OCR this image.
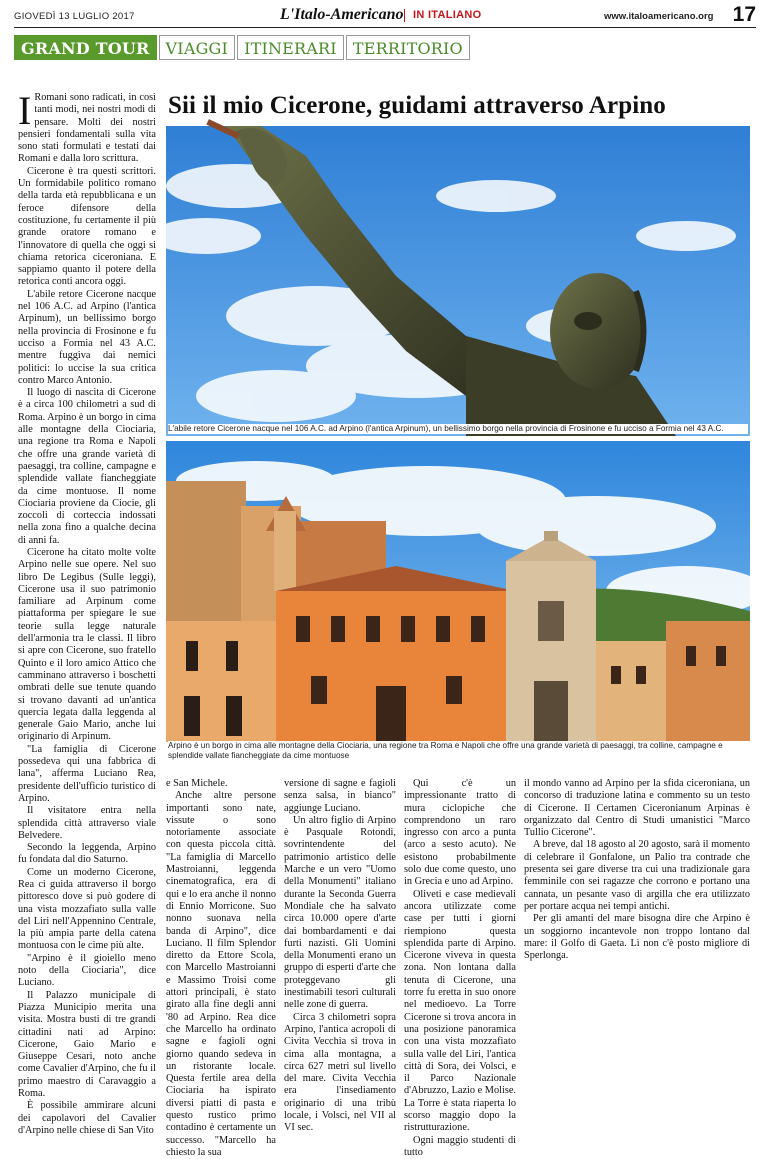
GIOVEDÌ 13 LUGLIO 2017	L'Italo-Americano IN ITALIANO	www.italoamericano.org 17
GRAND TOUR	VIAGGI	ITINERARI	TERRITORIO
Sii il mio Cicerone, guidami attraverso Arpino
L'abile retore Cicerone nacque nel 106 A.C. ad Arpino (l'antica Arpinum), un bellissimo borgo nella provincia di Frosinone e fu ucciso a Formia nel 43 A.C.
Arpino è un borgo in cima alle montagne della Ciociaria, una regione tra Roma e Napoli che offre una grande varietà di paesaggi, tra colline, campagne e splendide vallate fiancheggiate da cime montuose

I Romani sono radicati, in così tanti modi, nei nostri modi di pensare. Molti dei nostri pensieri fondamentali sulla vita sono stati formulati e testati dai Romani e dalla loro scrittura.

Cicerone è tra questi scrittori. Un formidabile politico romano della tarda età repubblicana e un feroce difensore della costituzione, fu certamente il più grande oratore romano e l'innovatore di quella che oggi si chiama retorica ciceroniana. E sappiamo quanto il potere della retorica conti ancora oggi.

L'abile retore Cicerone nacque nel 106 A.C. ad Arpino (l'antica Arpinum), un bellissimo borgo nella provincia di Frosinone e fu ucciso a Formia nel 43 A.C. mentre fuggiva dai nemici politici: lo uccise la sua critica contro Marco Antonio.

Il luogo di nascita di Cicerone è a circa 100 chilometri a sud di Roma. Arpino è un borgo in cima alle montagne della Ciociaria, una regione tra Roma e Napoli che offre una grande varietà di paesaggi, tra colline, campagne e splendide vallate fiancheggiate da cime montuose. Il nome Ciociaria proviene da Ciocie, gli zoccoli di corteccia indossati nella zona fino a qualche decina di anni fa.

Cicerone ha citato molte volte Arpino nelle sue opere. Nel suo libro De Legibus (Sulle leggi), Cicerone usa il suo patrimonio familiare ad Arpinum come piattaforma per spiegare le sue teorie sulla legge naturale dell'armonia tra le classi. Il libro si apre con Cicerone, suo fratello Quinto e il loro amico Attico che camminano attraverso i boschetti ombrati delle sue tenute quando si trovano davanti ad un'antica quercia legata dalla leggenda al generale Gaio Mario, anche lui originario di Arpinum.

"La famiglia di Cicerone possedeva qui una fabbrica di lana", afferma Luciano Rea, presidente dell'ufficio turistico di Arpino.

Il visitatore entra nella splendida città attraverso viale Belvedere.

Secondo la leggenda, Arpino fu fondata dal dio Saturno.

Come un moderno Cicerone, Rea ci guida attraverso il borgo pittoresco dove si può godere di una vista mozzafiato sulla valle del Liri nell'Appennino Centrale, la più ampia parte della catena montuosa con le cime più alte.

"Arpino è il gioiello meno noto della Ciociaria", dice Luciano.

Il Palazzo municipale di Piazza Municipio merita una visita. Mostra busti di tre grandi cittadini nati ad Arpino: Cicerone, Gaio Mario e Giuseppe Cesari, noto anche come Cavalier d'Arpino, che fu il primo maestro di Caravaggio a Roma.

È possibile ammirare alcuni dei capolavori del Cavalier d'Arpino nelle chiese di San Vito

e San Michele.

Anche altre persone importanti sono nate, vissute o sono notoriamente associate con questa piccola città. "La famiglia di Marcello Mastroianni, leggenda cinematografica, era di qui e lo era anche il nonno di Ennio Morricone. Suo nonno suonava nella banda di Arpino", dice Luciano. Il film Splendor diretto da Ettore Scola, con Marcello Mastroianni e Massimo Troisi come attori principali, è stato girato alla fine degli anni '80 ad Arpino. Rea dice che Marcello ha ordinato sagne e fagioli ogni giorno quando sedeva in un ristorante locale. Questa fertile area della Ciociaria ha ispirato diversi piatti di pasta e questo rustico primo contadino è certamente un successo. "Marcello ha chiesto la sua

versione di sagne e fagioli senza salsa, in bianco" aggiunge Luciano.

Un altro figlio di Arpino è Pasquale Rotondi, sovrintendente del patrimonio artistico delle Marche e un vero "Uomo della Monumenti" italiano durante la Seconda Guerra Mondiale che ha salvato circa 10.000 opere d'arte dai bombardamenti e dai furti nazisti. Gli Uomini della Monumenti erano un gruppo di esperti d'arte che proteggevano gli inestimabili tesori culturali nelle zone di guerra.

Circa 3 chilometri sopra Arpino, l'antica acropoli di Civita Vecchia si trova in cima alla montagna, a circa 627 metri sul livello del mare. Civita Vecchia era l'insediamento originario di una tribù locale, i Volsci, nel VII al VI sec.

Qui c'è un impressionante tratto di mura ciclopiche che comprendono un raro ingresso con arco a punta (arco a sesto acuto). Ne esistono probabilmente solo due come questo, uno in Grecia e uno ad Arpino.

Oliveti e case medievali ancora utilizzate come case per tutti i giorni riempiono questa splendida parte di Arpino. Cicerone viveva in questa zona. Non lontana dalla tenuta di Cicerone, una torre fu eretta in suo onore nel medioevo. La Torre Cicerone si trova ancora in una posizione panoramica con una vista mozzafiato sulla valle del Liri, l'antica città di Sora, dei Volsci, e il Parco Nazionale d'Abruzzo, Lazio e Molise. La Torre è stata riaperta lo scorso maggio dopo la ristrutturazione.

Ogni maggio studenti di tutto

il mondo vanno ad Arpino per la sfida ciceroniana, un concorso di traduzione latina e commento su un testo di Cicerone. Il Certamen Ciceronianum Arpinas è organizzato dal Centro di Studi umanistici "Marco Tullio Cicerone".

A breve, dal 18 agosto al 20 agosto, sarà il momento di celebrare il Gonfalone, un Palio tra contrade che presenta sei gare diverse tra cui una tradizionale gara femminile con sei ragazze che corrono e portano una cannata, un pesante vaso di argilla che era utilizzato per portare acqua nei tempi antichi.

Per gli amanti del mare bisogna dire che Arpino è un soggiorno incantevole non troppo lontano dal mare: il Golfo di Gaeta. Lì non c'è posto migliore di Sperlonga.
